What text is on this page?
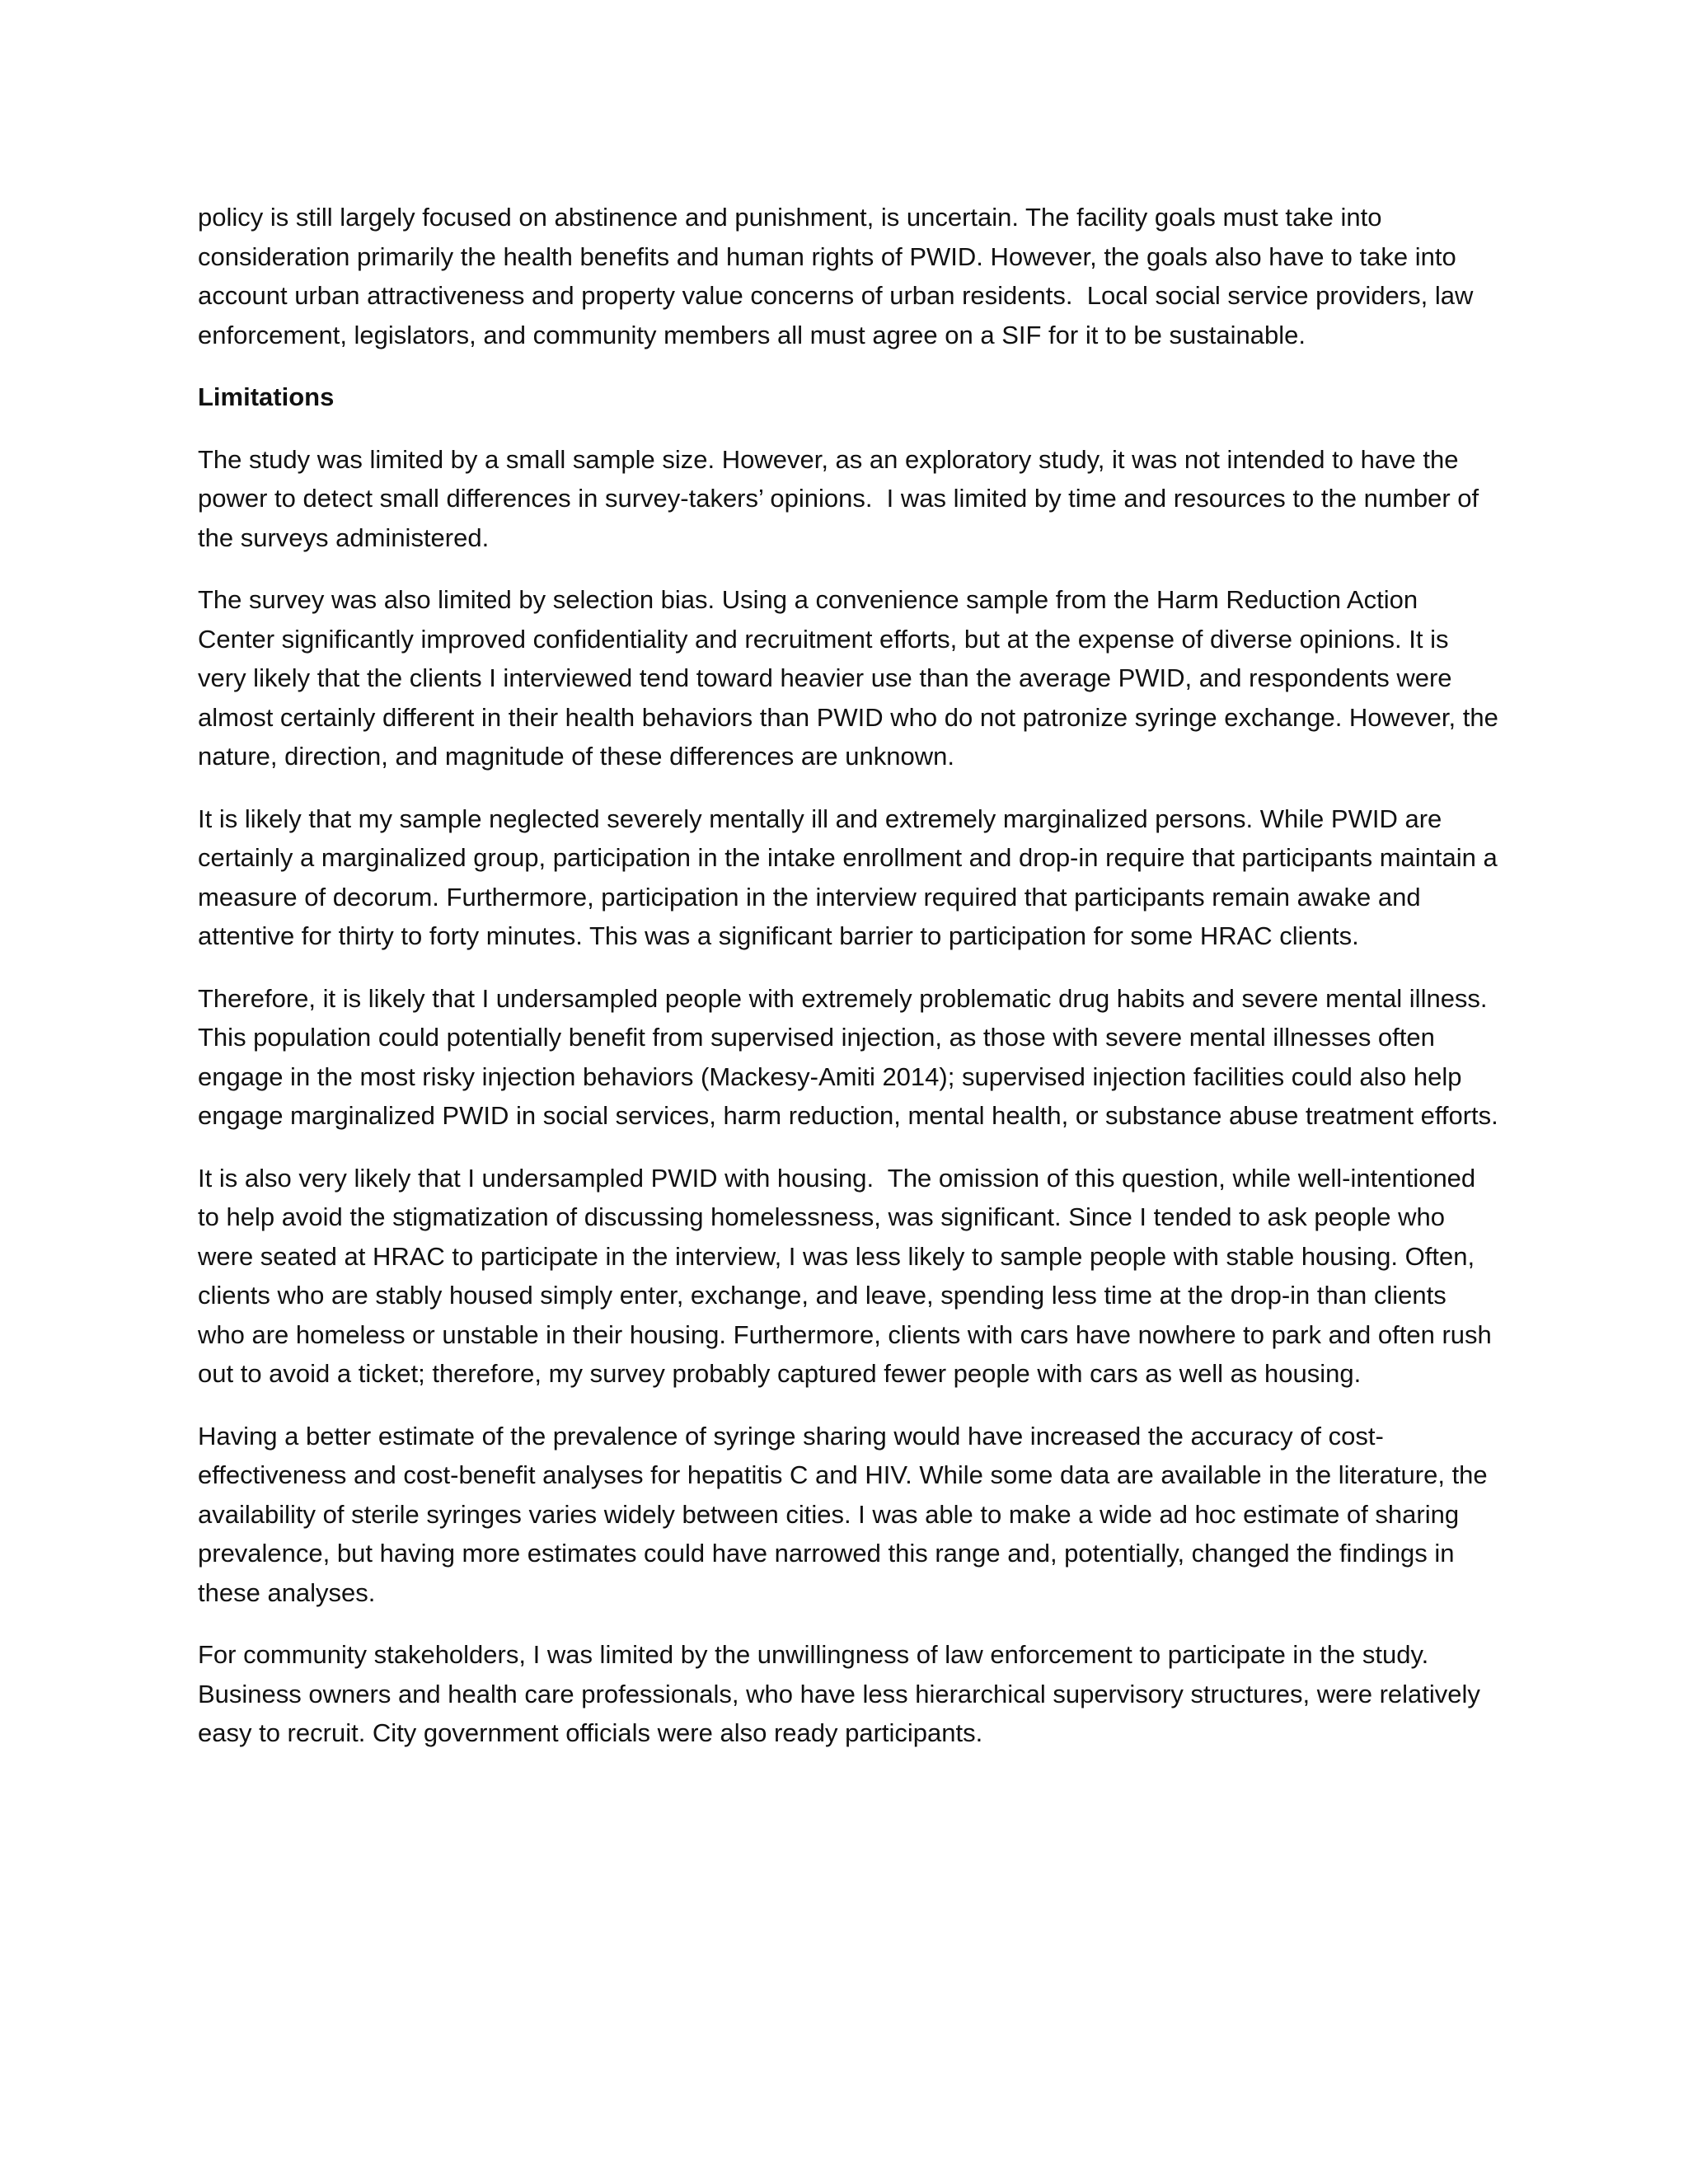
policy is still largely focused on abstinence and punishment, is uncertain. The facility goals must take into consideration primarily the health benefits and human rights of PWID. However, the goals also have to take into account urban attractiveness and property value concerns of urban residents.  Local social service providers, law enforcement, legislators, and community members all must agree on a SIF for it to be sustainable.

Limitations

The study was limited by a small sample size. However, as an exploratory study, it was not intended to have the power to detect small differences in survey-takers’ opinions.  I was limited by time and resources to the number of the surveys administered.

The survey was also limited by selection bias. Using a convenience sample from the Harm Reduction Action Center significantly improved confidentiality and recruitment efforts, but at the expense of diverse opinions. It is very likely that the clients I interviewed tend toward heavier use than the average PWID, and respondents were almost certainly different in their health behaviors than PWID who do not patronize syringe exchange. However, the nature, direction, and magnitude of these differences are unknown.

It is likely that my sample neglected severely mentally ill and extremely marginalized persons. While PWID are certainly a marginalized group, participation in the intake enrollment and drop-in require that participants maintain a measure of decorum. Furthermore, participation in the interview required that participants remain awake and attentive for thirty to forty minutes. This was a significant barrier to participation for some HRAC clients.

Therefore, it is likely that I undersampled people with extremely problematic drug habits and severe mental illness. This population could potentially benefit from supervised injection, as those with severe mental illnesses often engage in the most risky injection behaviors (Mackesy-Amiti 2014); supervised injection facilities could also help engage marginalized PWID in social services, harm reduction, mental health, or substance abuse treatment efforts.

It is also very likely that I undersampled PWID with housing.  The omission of this question, while well-intentioned to help avoid the stigmatization of discussing homelessness, was significant. Since I tended to ask people who were seated at HRAC to participate in the interview, I was less likely to sample people with stable housing. Often, clients who are stably housed simply enter, exchange, and leave, spending less time at the drop-in than clients who are homeless or unstable in their housing. Furthermore, clients with cars have nowhere to park and often rush out to avoid a ticket; therefore, my survey probably captured fewer people with cars as well as housing.

Having a better estimate of the prevalence of syringe sharing would have increased the accuracy of cost-effectiveness and cost-benefit analyses for hepatitis C and HIV. While some data are available in the literature, the availability of sterile syringes varies widely between cities. I was able to make a wide ad hoc estimate of sharing prevalence, but having more estimates could have narrowed this range and, potentially, changed the findings in these analyses.

For community stakeholders, I was limited by the unwillingness of law enforcement to participate in the study. Business owners and health care professionals, who have less hierarchical supervisory structures, were relatively easy to recruit. City government officials were also ready participants.
